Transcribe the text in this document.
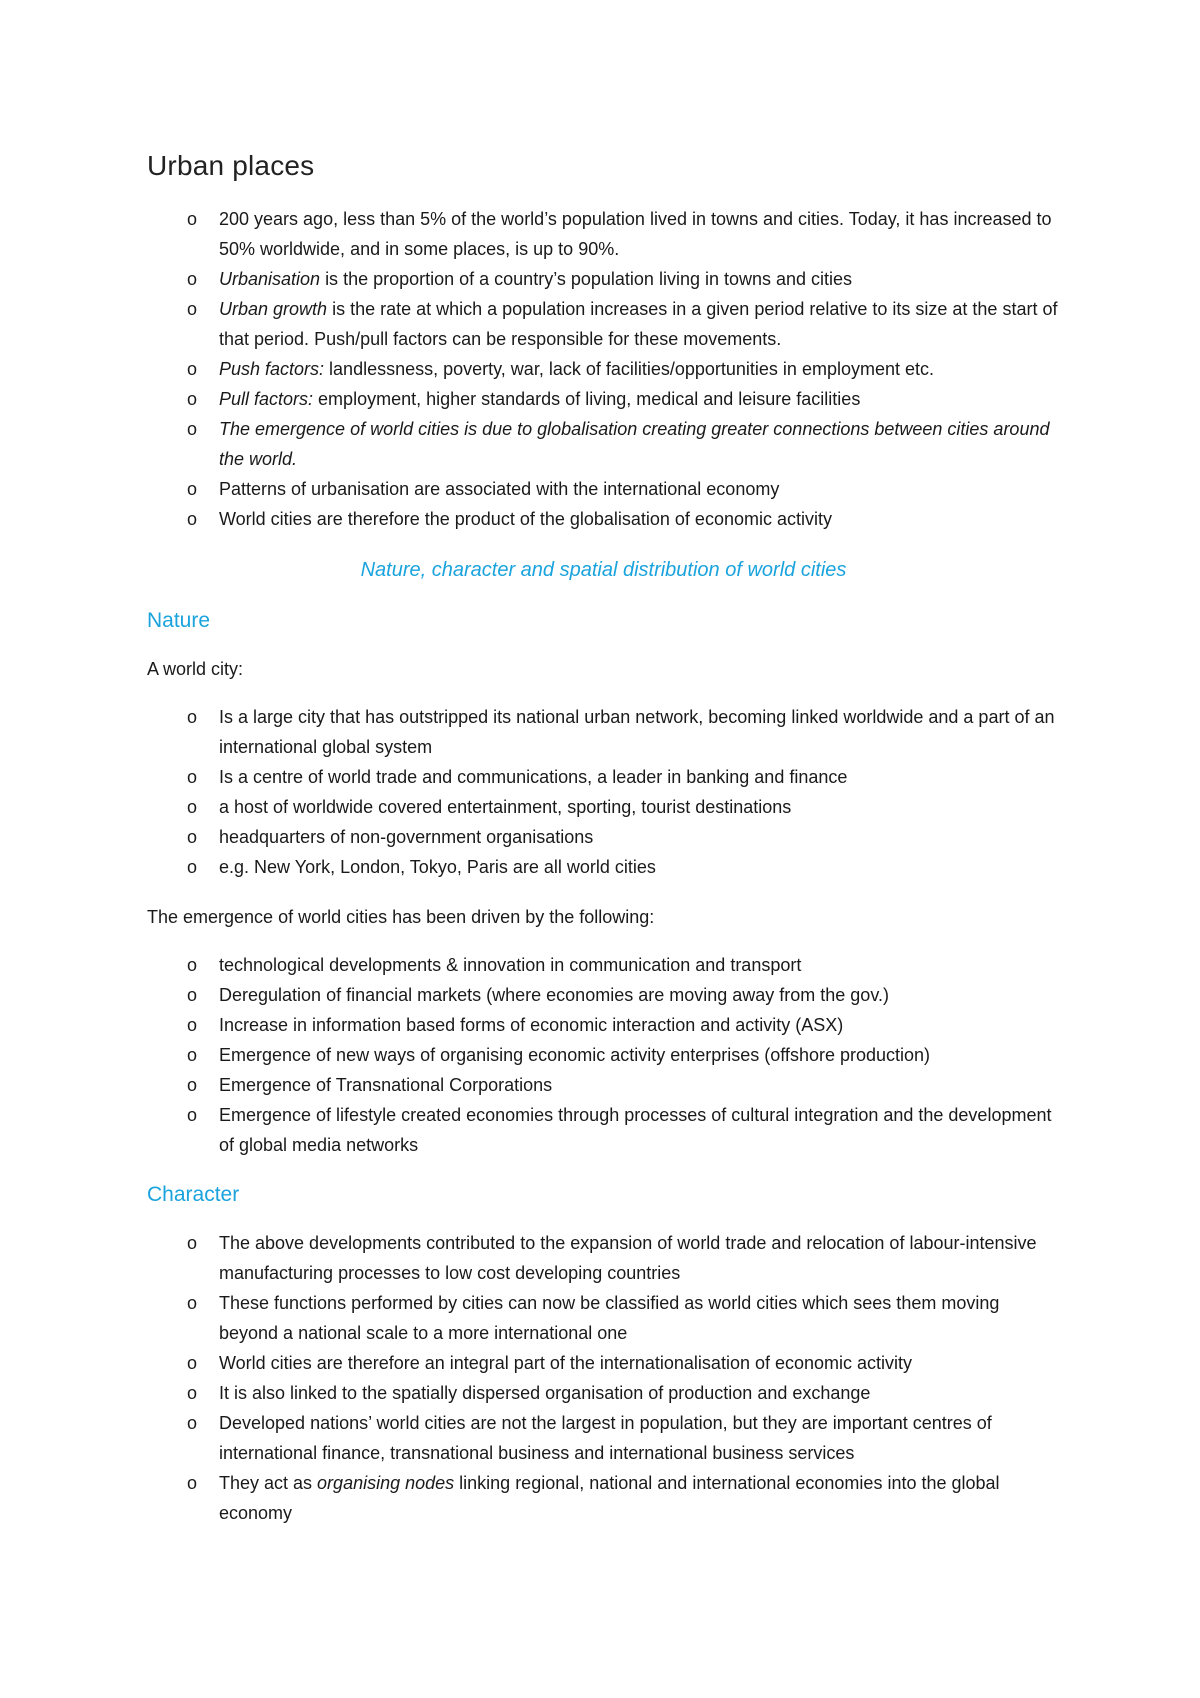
Urban places
o 200 years ago, less than 5% of the world’s population lived in towns and cities. Today, it has increased to 50% worldwide, and in some places, is up to 90%.
o Urbanisation is the proportion of a country’s population living in towns and cities
o Urban growth is the rate at which a population increases in a given period relative to its size at the start of that period. Push/pull factors can be responsible for these movements.
o Push factors: landlessness, poverty, war, lack of facilities/opportunities in employment etc.
o Pull factors: employment, higher standards of living, medical and leisure facilities
o The emergence of world cities is due to globalisation creating greater connections between cities around the world.
o Patterns of urbanisation are associated with the international economy
o World cities are therefore the product of the globalisation of economic activity
Nature, character and spatial distribution of world cities
Nature
A world city:
o Is a large city that has outstripped its national urban network, becoming linked worldwide and a part of an international global system
o Is a centre of world trade and communications, a leader in banking and finance
o a host of worldwide covered entertainment, sporting, tourist destinations
o headquarters of non-government organisations
o e.g. New York, London, Tokyo, Paris are all world cities
The emergence of world cities has been driven by the following:
o technological developments & innovation in communication and transport
o Deregulation of financial markets (where economies are moving away from the gov.)
o Increase in information based forms of economic interaction and activity (ASX)
o Emergence of new ways of organising economic activity enterprises (offshore production)
o Emergence of Transnational Corporations
o Emergence of lifestyle created economies through processes of cultural integration and the development of global media networks
Character
o The above developments contributed to the expansion of world trade and relocation of labour-intensive manufacturing processes to low cost developing countries
o These functions performed by cities can now be classified as world cities which sees them moving beyond a national scale to a more international one
o World cities are therefore an integral part of the internationalisation of economic activity
o It is also linked to the spatially dispersed organisation of production and exchange
o Developed nations’ world cities are not the largest in population, but they are important centres of international finance, transnational business and international business services
o They act as organising nodes linking regional, national and international economies into the global economy
